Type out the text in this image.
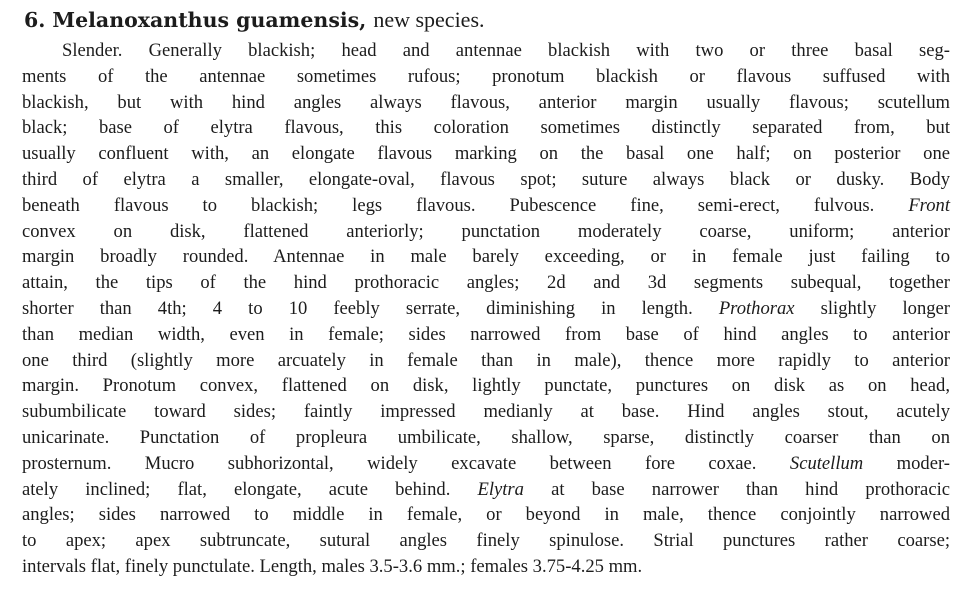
6. Melanoxanthus guamensis, new species.
Slender. Generally blackish; head and antennae blackish with two or three basal seg-
ments of the antennae sometimes rufous; pronotum blackish or flavous suffused with
blackish, but with hind angles always flavous, anterior margin usually flavous; scutellum
black; base of elytra flavous, this coloration sometimes distinctly separated from, but
usually confluent with, an elongate flavous marking on the basal one half; on posterior one
third of elytra a smaller, elongate-oval, flavous spot; suture always black or dusky. Body
beneath flavous to blackish; legs flavous. Pubescence fine, semi-erect, fulvous. Front
convex on disk, flattened anteriorly; punctation moderately coarse, uniform; anterior
margin broadly rounded. Antennae in male barely exceeding, or in female just failing to
attain, the tips of the hind prothoracic angles; 2d and 3d segments subequal, together
shorter than 4th; 4 to 10 feebly serrate, diminishing in length. Prothorax slightly longer
than median width, even in female; sides narrowed from base of hind angles to anterior
one third (slightly more arcuately in female than in male), thence more rapidly to anterior
margin. Pronotum convex, flattened on disk, lightly punctate, punctures on disk as on head,
subumbilicate toward sides; faintly impressed medianly at base. Hind angles stout, acutely
unicarinate. Punctation of propleura umbilicate, shallow, sparse, distinctly coarser than on
prosternum. Mucro subhorizontal, widely excavate between fore coxae. Scutellum moder-
ately inclined; flat, elongate, acute behind. Elytra at base narrower than hind prothoracic
angles; sides narrowed to middle in female, or beyond in male, thence conjointly narrowed
to apex; apex subtruncate, sutural angles finely spinulose. Strial punctures rather coarse;
intervals flat, finely punctulate. Length, males 3.5-3.6 mm.; females 3.75-4.25 mm.
